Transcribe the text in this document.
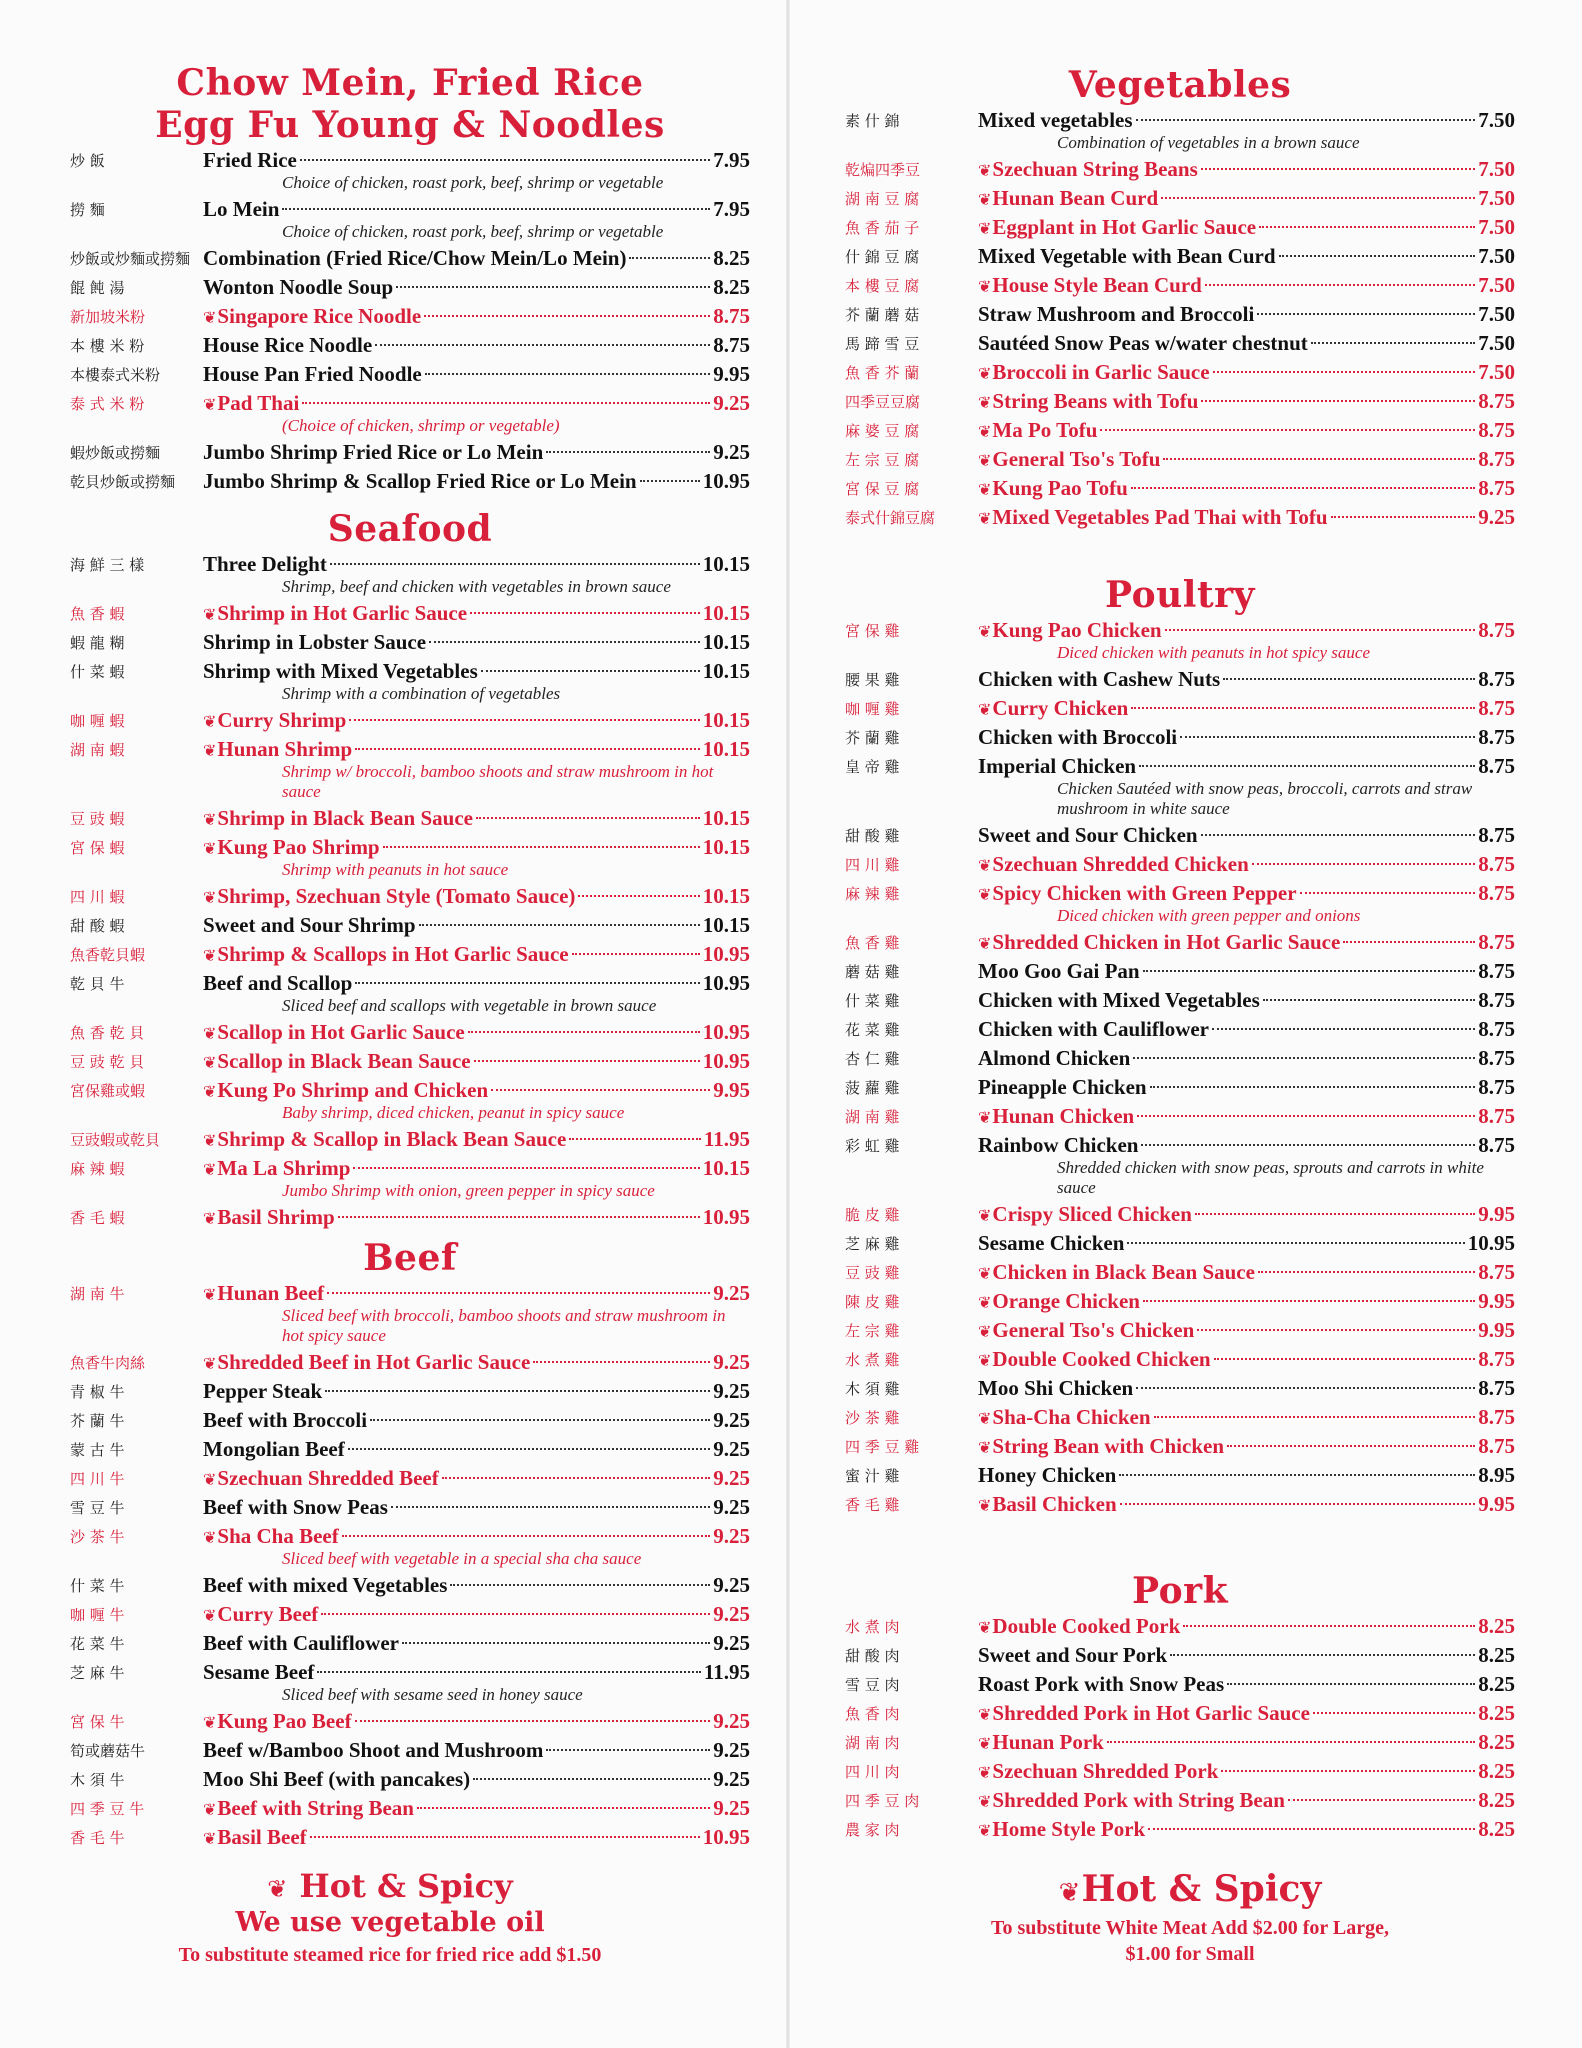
Chow Mein, Fried Rice
Egg Fu Young & Noodles
炒 飯	Fried Rice	7.95
Choice of chicken, roast pork, beef, shrimp or vegetable
撈 麵	Lo Mein	7.95
Choice of chicken, roast pork, beef, shrimp or vegetable
炒飯或炒麵或撈麵 Combination (Fried Rice/Chow Mein/Lo Mein)	8.25
餛 飩 湯	Wonton Noodle Soup	8.25
新加坡米粉	❦ Singapore Rice Noodle	8.75
本 樓 米 粉	House Rice Noodle	8.75
本樓泰式米粉	House Pan Fried Noodle	9.95
泰 式 米 粉	❦ Pad Thai	9.25
(Choice of chicken, shrimp or vegetable)
蝦炒飯或撈麵	Jumbo Shrimp Fried Rice or Lo Mein	9.25
乾貝炒飯或撈麵	Jumbo Shrimp & Scallop Fried Rice or Lo Mein	10.95
Seafood
海 鮮 三 樣	Three Delight	10.15
Shrimp, beef and chicken with vegetables in brown sauce
魚 香 蝦	❦ Shrimp in Hot Garlic Sauce	10.15
蝦 龍 糊	Shrimp in Lobster Sauce	10.15
什 菜 蝦	Shrimp with Mixed Vegetables	10.15
Shrimp with a combination of vegetables
咖 喱 蝦	❦ Curry Shrimp	10.15
湖 南 蝦	❦ Hunan Shrimp	10.15
Shrimp w/ broccoli, bamboo shoots and straw mushroom in hot sauce
豆 豉 蝦	❦ Shrimp in Black Bean Sauce	10.15
宮 保 蝦	❦ Kung Pao Shrimp	10.15
Shrimp with peanuts in hot sauce
四 川 蝦	❦ Shrimp, Szechuan Style (Tomato Sauce)	10.15
甜 酸 蝦	Sweet and Sour Shrimp	10.15
魚香乾貝蝦	❦ Shrimp & Scallops in Hot Garlic Sauce	10.95
乾 貝 牛	Beef and Scallop	10.95
Sliced beef and scallops with vegetable in brown sauce
魚 香 乾 貝	❦ Scallop in Hot Garlic Sauce	10.95
豆 豉 乾 貝	❦ Scallop in Black Bean Sauce	10.95
宮保雞或蝦	❦ Kung Po Shrimp and Chicken	9.95
Baby shrimp, diced chicken, peanut in spicy sauce
豆豉蝦或乾貝	❦ Shrimp & Scallop in Black Bean Sauce	11.95
麻 辣 蝦	❦ Ma La Shrimp	10.15
Jumbo Shrimp with onion, green pepper in spicy sauce
香 毛 蝦	❦ Basil Shrimp	10.95
Beef
湖 南 牛	❦ Hunan Beef	9.25
Sliced beef with broccoli, bamboo shoots and straw mushroom in hot spicy sauce
魚香牛肉絲	❦ Shredded Beef in Hot Garlic Sauce	9.25
青 椒 牛	Pepper Steak	9.25
芥 蘭 牛	Beef with Broccoli	9.25
蒙 古 牛	Mongolian Beef	9.25
四 川 牛	❦ Szechuan Shredded Beef	9.25
雪 豆 牛	Beef with Snow Peas	9.25
沙 茶 牛	❦ Sha Cha Beef	9.25
Sliced beef with vegetable in a special sha cha sauce
什 菜 牛	Beef with mixed Vegetables	9.25
咖 喱 牛	❦ Curry Beef	9.25
花 菜 牛	Beef with Cauliflower	9.25
芝 麻 牛	Sesame Beef	11.95
Sliced beef with sesame seed in honey sauce
宮 保 牛	❦ Kung Pao Beef	9.25
筍或蘑菇牛	Beef w/Bamboo Shoot and Mushroom	9.25
木 須 牛	Moo Shi Beef (with pancakes)	9.25
四 季 豆 牛	❦ Beef with String Bean	9.25
香 毛 牛	❦ Basil Beef	10.95
Vegetables
素 什 錦	Mixed vegetables	7.50
Combination of vegetables in a brown sauce
乾煸四季豆	❦ Szechuan String Beans	7.50
湖 南 豆 腐	❦ Hunan Bean Curd	7.50
魚 香 茄 子	❦ Eggplant in Hot Garlic Sauce	7.50
什 錦 豆 腐	Mixed Vegetable with Bean Curd	7.50
本 樓 豆 腐	❦ House Style Bean Curd	7.50
芥 蘭 蘑 菇	Straw Mushroom and Broccoli	7.50
馬 蹄 雪 豆	Sautéed Snow Peas w/water chestnut	7.50
魚 香 芥 蘭	❦ Broccoli in Garlic Sauce	7.50
四季豆豆腐	❦ String Beans with Tofu	8.75
麻 婆 豆 腐	❦ Ma Po Tofu	8.75
左 宗 豆 腐	❦ General Tso's Tofu	8.75
宮 保 豆 腐	❦ Kung Pao Tofu	8.75
泰式什錦豆腐	❦ Mixed Vegetables Pad Thai with Tofu	9.25
Poultry
宮 保 雞	❦ Kung Pao Chicken	8.75
Diced chicken with peanuts in hot spicy sauce
腰 果 雞	Chicken with Cashew Nuts	8.75
咖 喱 雞	❦ Curry Chicken	8.75
芥 蘭 雞	Chicken with Broccoli	8.75
皇 帝 雞	Imperial Chicken	8.75
Chicken Sautéed with snow peas, broccoli, carrots and straw mushroom in white sauce
甜 酸 雞	Sweet and Sour Chicken	8.75
四 川 雞	❦ Szechuan Shredded Chicken	8.75
麻 辣 雞	❦ Spicy Chicken with Green Pepper	8.75
Diced chicken with green pepper and onions
魚 香 雞	❦ Shredded Chicken in Hot Garlic Sauce	8.75
蘑 菇 雞	Moo Goo Gai Pan	8.75
什 菜 雞	Chicken with Mixed Vegetables	8.75
花 菜 雞	Chicken with Cauliflower	8.75
杏 仁 雞	Almond Chicken	8.75
菠 蘿 雞	Pineapple Chicken	8.75
湖 南 雞	❦ Hunan Chicken	8.75
彩 虹 雞	Rainbow Chicken	8.75
Shredded chicken with snow peas, sprouts and carrots in white sauce
脆 皮 雞	❦ Crispy Sliced Chicken	9.95
芝 麻 雞	Sesame Chicken	10.95
豆 豉 雞	❦ Chicken in Black Bean Sauce	8.75
陳 皮 雞	❦ Orange Chicken	9.95
左 宗 雞	❦ General Tso's Chicken	9.95
水 煮 雞	❦ Double Cooked Chicken	8.75
木 須 雞	Moo Shi Chicken	8.75
沙 茶 雞	❦ Sha-Cha Chicken	8.75
四 季 豆 雞	❦ String Bean with Chicken	8.75
蜜 汁 雞	Honey Chicken	8.95
香 毛 雞	❦ Basil Chicken	9.95
Pork
水 煮 肉	❦ Double Cooked Pork	8.25
甜 酸 肉	Sweet and Sour Pork	8.25
雪 豆 肉	Roast Pork with Snow Peas	8.25
魚 香 肉	❦ Shredded Pork in Hot Garlic Sauce	8.25
湖 南 肉	❦ Hunan Pork	8.25
四 川 肉	❦ Szechuan Shredded Pork	8.25
四 季 豆 肉	❦ Shredded Pork with String Bean	8.25
農 家 肉	❦ Home Style Pork	8.25
❦ Hot & Spicy
We use vegetable oil
To substitute steamed rice for fried rice add $1.50
❦Hot & Spicy
To substitute White Meat Add $2.00 for Large,
$1.00 for Small
